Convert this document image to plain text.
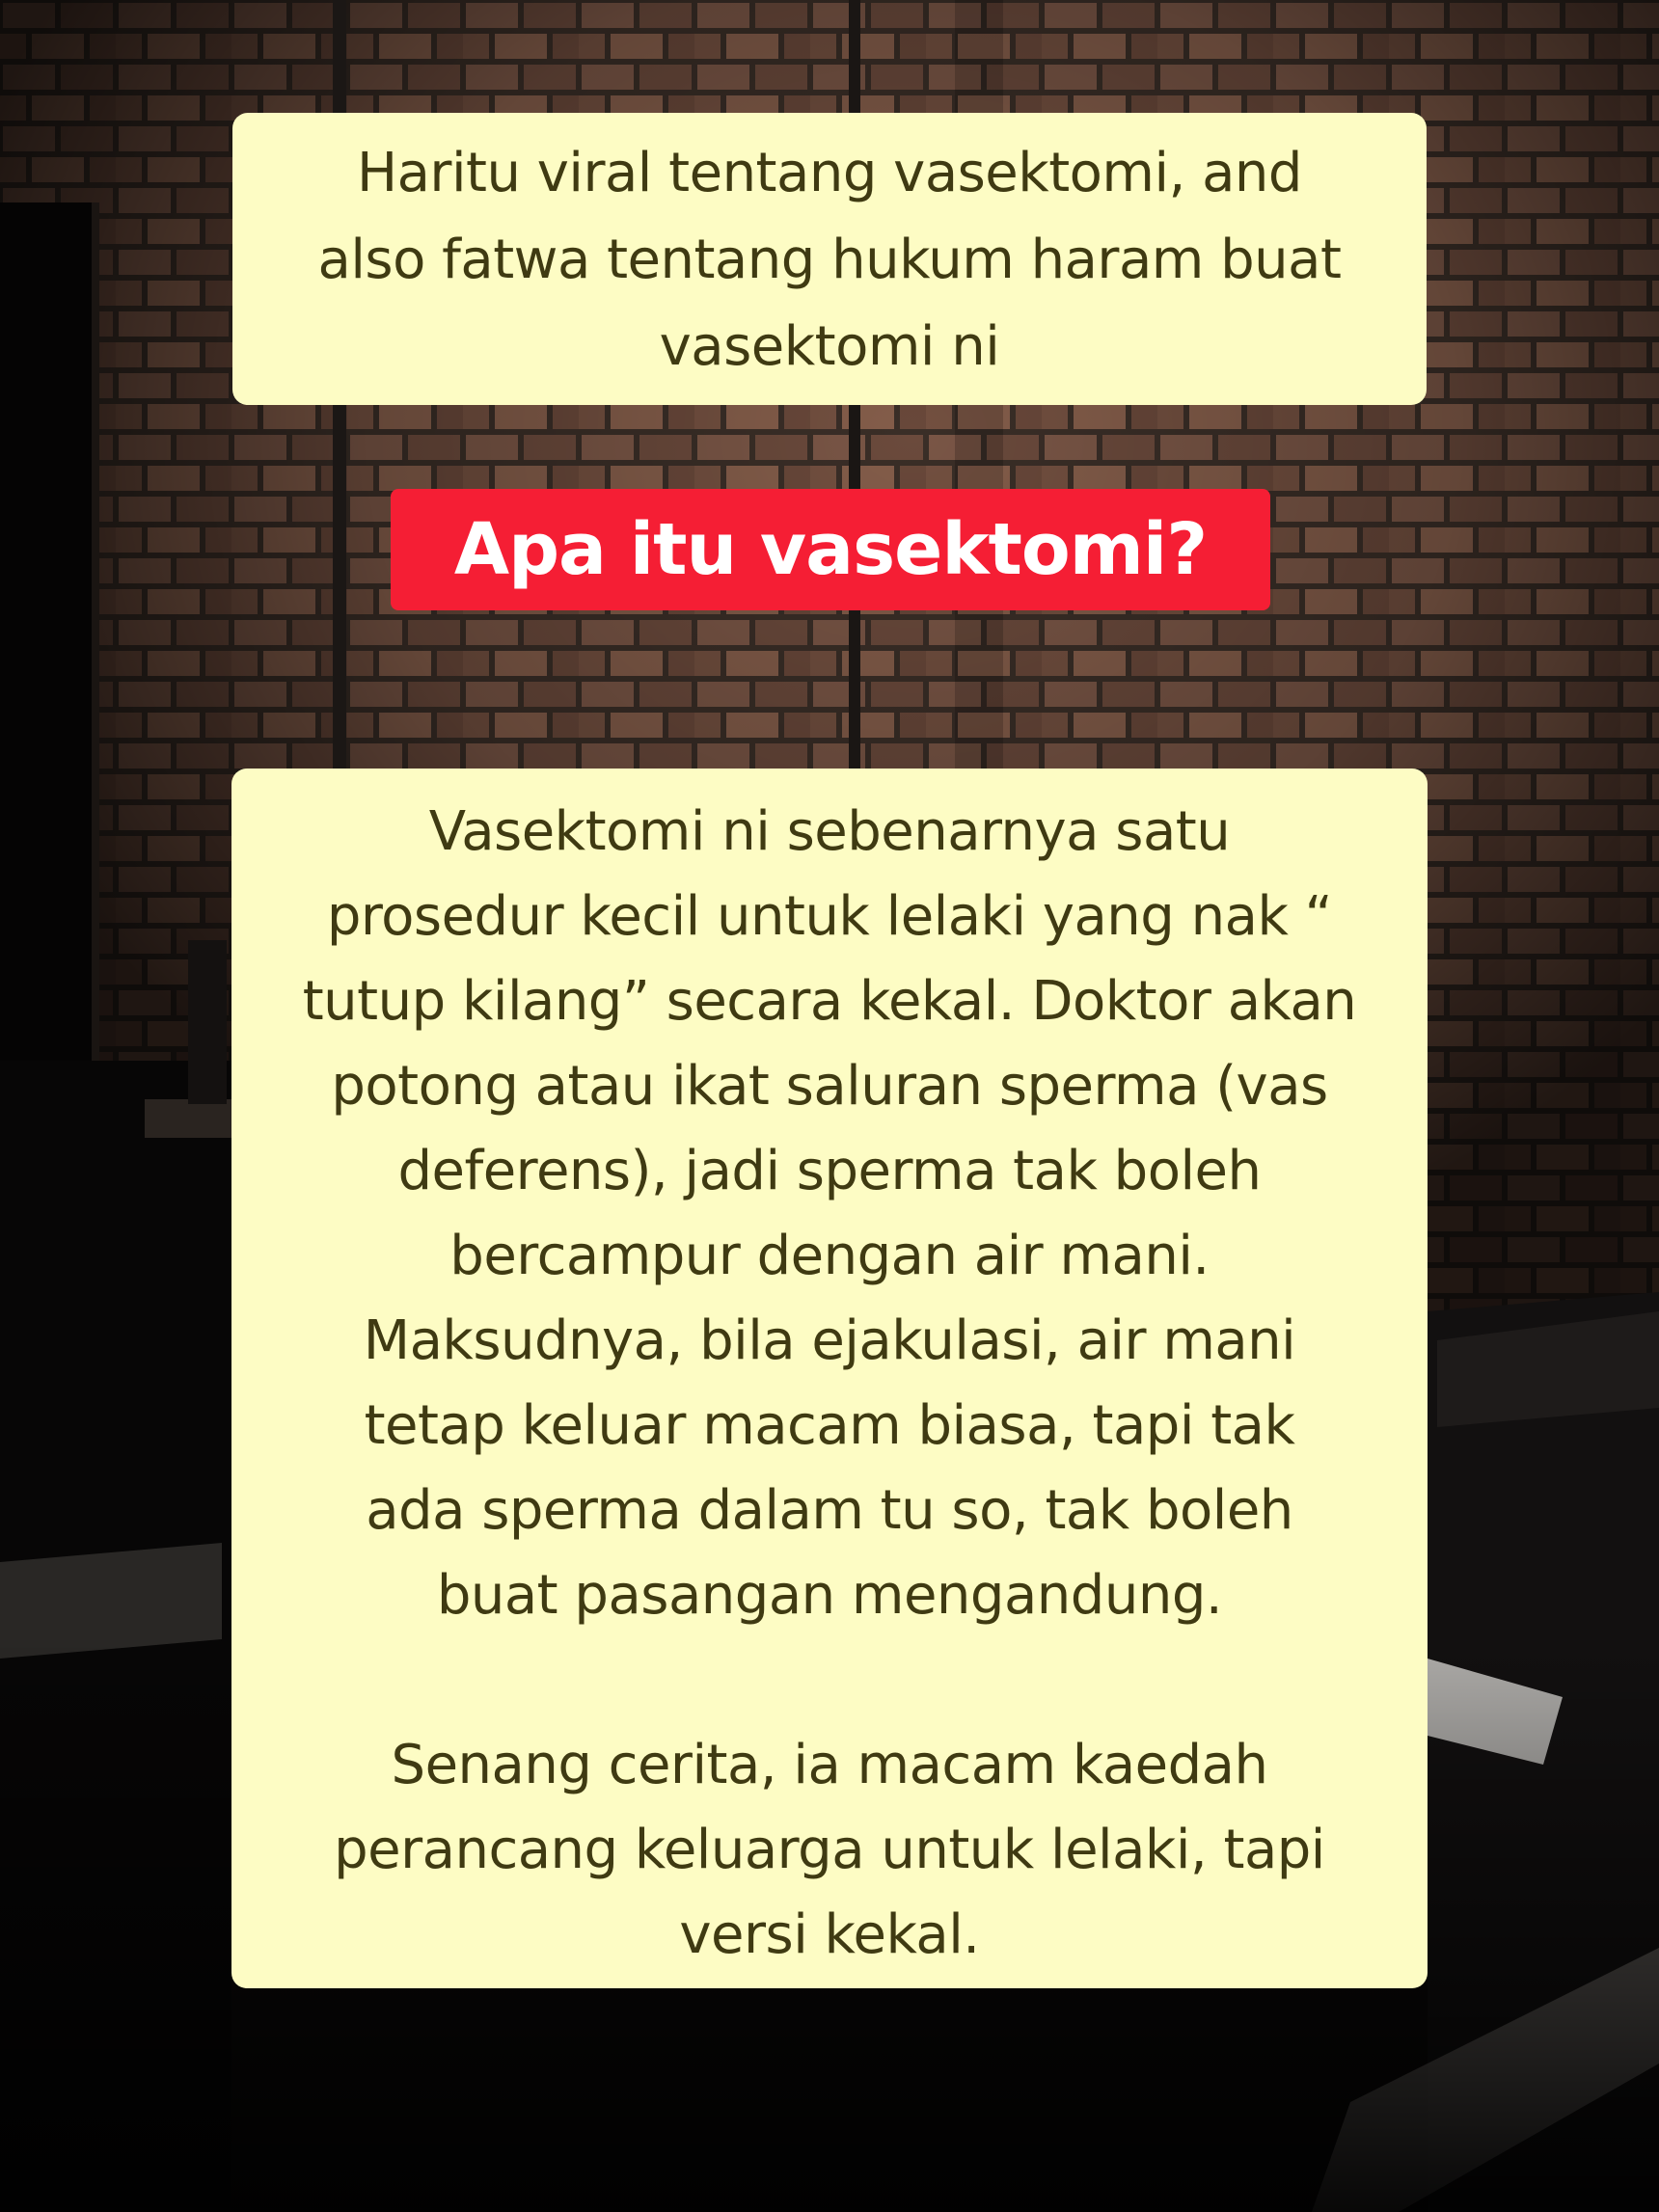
Haritu viral tentang vasektomi, and
also fatwa tentang hukum haram buat
vasektomi ni
Apa itu vasektomi?

Vasektomi ni sebenarnya satu
prosedur kecil untuk lelaki yang nak “
tutup kilang” secara kekal. Doktor akan
potong atau ikat saluran sperma (vas
deferens), jadi sperma tak boleh
bercampur dengan air mani.
Maksudnya, bila ejakulasi, air mani
tetap keluar macam biasa, tapi tak
ada sperma dalam tu so, tak boleh
buat pasangan mengandung.

Senang cerita, ia macam kaedah
perancang keluarga untuk lelaki, tapi
versi kekal.
